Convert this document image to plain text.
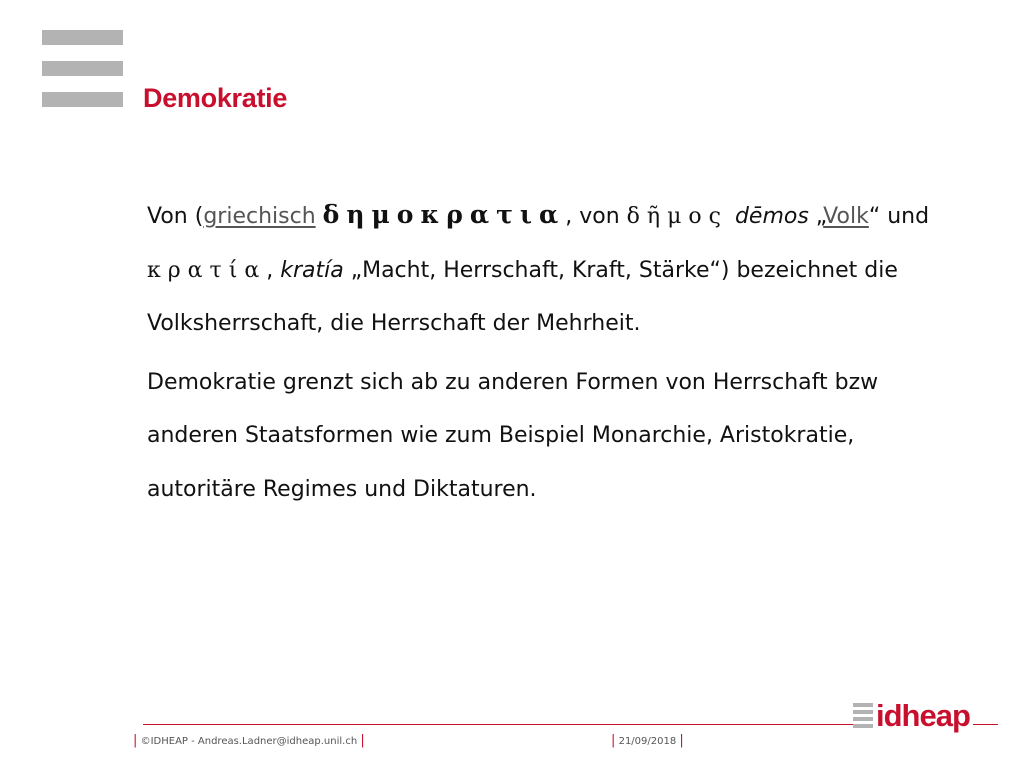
Demokratie

Von (griechisch δημοκρατια, von δῆμος dēmos „Volk“ und κρατία, kratía „Macht, Herrschaft, Kraft, Stärke“) bezeichnet die Volksherrschaft, die Herrschaft der Mehrheit.

Demokratie grenzt sich ab zu anderen Formen von Herrschaft bzw anderen Staatsformen wie zum Beispiel Monarchie, Aristokratie, autoritäre Regimes und Diktaturen.

idheap
| ©IDHEAP - Andreas.Ladner@idheap.unil.ch |	| 21/09/2018 |
